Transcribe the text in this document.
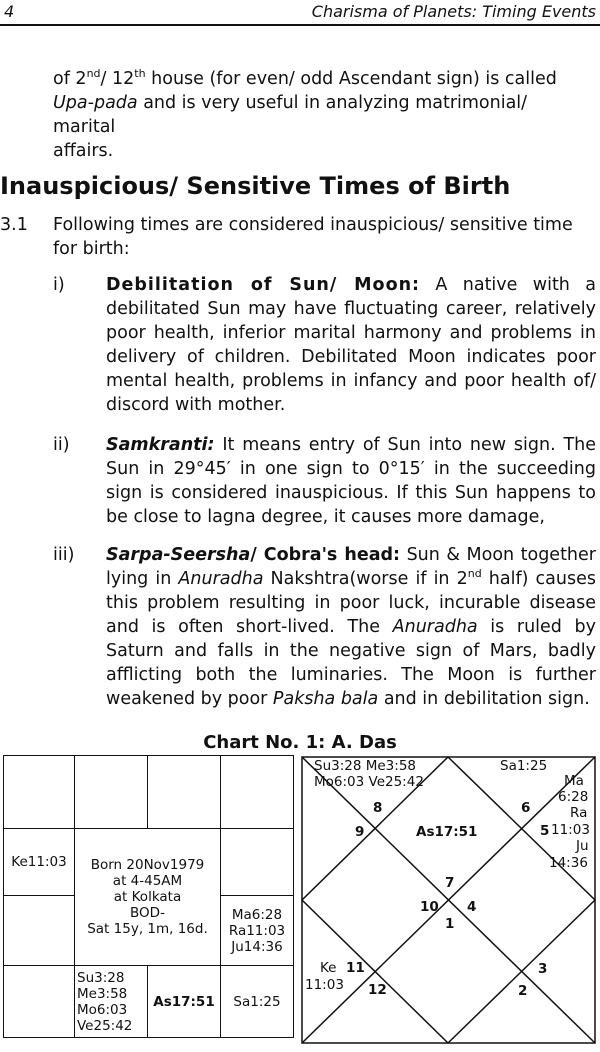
4	Charisma of Planets: Timing Events
of 2nd/ 12th house (for even/ odd Ascendant sign) is called
Upa-pada and is very useful in analyzing matrimonial/ marital
affairs.
Inauspicious/ Sensitive Times of Birth
3.1 Following times are considered inauspicious/ sensitive time
for birth:
i) Debilitation of Sun/ Moon: A native with a debilitated Sun may have fluctuating career, relatively poor health, inferior marital harmony and problems in delivery of children. Debilitated Moon indicates poor mental health, problems in infancy and poor health of/ discord with mother.
ii) Samkranti: It means entry of Sun into new sign. The Sun in 29°45′ in one sign to 0°15′ in the succeeding sign is considered inauspicious. If this Sun happens to be close to lagna degree, it causes more damage,
iii) Sarpa-Seersha/ Cobra's head: Sun & Moon together lying in Anuradha Nakshtra(worse if in 2nd half) causes this problem resulting in poor luck, incurable disease and is often short-lived. The Anuradha is ruled by Saturn and falls in the negative sign of Mars, badly afflicting both the luminaries. The Moon is further weakened by poor Paksha bala and in debilitation sign.
Chart No. 1: A. Das

Ke11:03	Born 20Nov1979
at 4-45AM
at Kolkata
BOD-
Sat 15y, 1m, 16d.		

			Ma6:28
Ra11:03
Ju14:36

	Su3:28
Me3:58
Mo6:03
Ve25:42	As17:51	Sa1:25
Su3:28 Me3:58
Mo6:03 Ve25:42
Sa1:25
As17:51
Ma
6:28
Ra
11:03
Ju
14:36
Ke
11:03
8
9
6
5
7
10 4
1
11
12
3
2
